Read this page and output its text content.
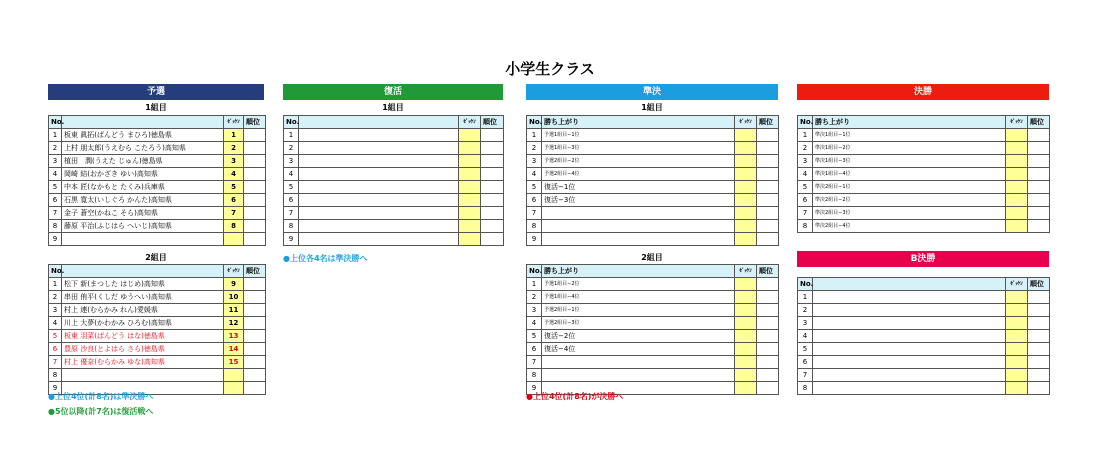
小学生クラス
予選
1組目
No.		ｾﾞｯｹﾝ	順位
1	板東 眞拓(ばんどう まひろ)徳島県	1	
2	上村 朋太郎(うえむら こたろう)高知県	2	
3	植田　潤(うえた じゅん)徳島県	3	
4	岡崎 結(おかざき ゆい)高知県	4	
5	中本 匠(なかもと たくみ)兵庫県	5	
6	石黒 寛太(いしぐろ かんた)高知県	6	
7	金子 蒼空(かねこ そら)高知県	7	
8	藤原 平治(ふじはら へいじ)高知県	8	
9			
2組目
No.		ｾﾞｯｹﾝ	順位
1	松下 新(まつした はじめ)高知県	9	
2	串田 侑平(くしだ ゆうへい)高知県	10	
3	村上 連(むらかみ れん)愛媛県	11	
4	川上 大夢(かわかみ ひろむ)高知県	12	
5	板東 羽菜(ばんどう はな)徳島県	13	
6	豊原 沙良(とよはら さら)徳島県	14	
7	村上 優奈(むらかみ ゆな)高知県	15	
8			
9			
●上位4位(計8名)は準決勝へ
●5位以降(計7名)は復活戦へ
復活
1組目
No.		ｾﾞｯｹﾝ	順位
1			
2			
3			
4			
5			
6			
7			
8			
9			
●上位各4名は準決勝へ
準決
1組目
No.	勝ち上がり	ｾﾞｯｹﾝ	順位
1	予選1組目−1位		
2	予選1組目−3位		
3	予選2組目−2位		
4	予選2組目−4位		
5	復活−1位		
6	復活−3位		
7			
8			
9			
2組目
No.	勝ち上がり	ｾﾞｯｹﾝ	順位
1	予選1組目−2位		
2	予選1組目−4位		
3	予選2組目−1位		
4	予選2組目−3位		
5	復活−2位		
6	復活−4位		
7			
8			
9			
●上位4位(計8名)が決勝へ
決勝
No.	勝ち上がり	ｾﾞｯｹﾝ	順位
1	準決1組目−1位		
2	準決1組目−2位		
3	準決1組目−3位		
4	準決1組目−4位		
5	準決2組目−1位		
6	準決2組目−2位		
7	準決2組目−3位		
8	準決2組目−4位		
B決勝
No.		ｾﾞｯｹﾝ	順位
1			
2			
3			
4			
5			
6			
7			
8			
